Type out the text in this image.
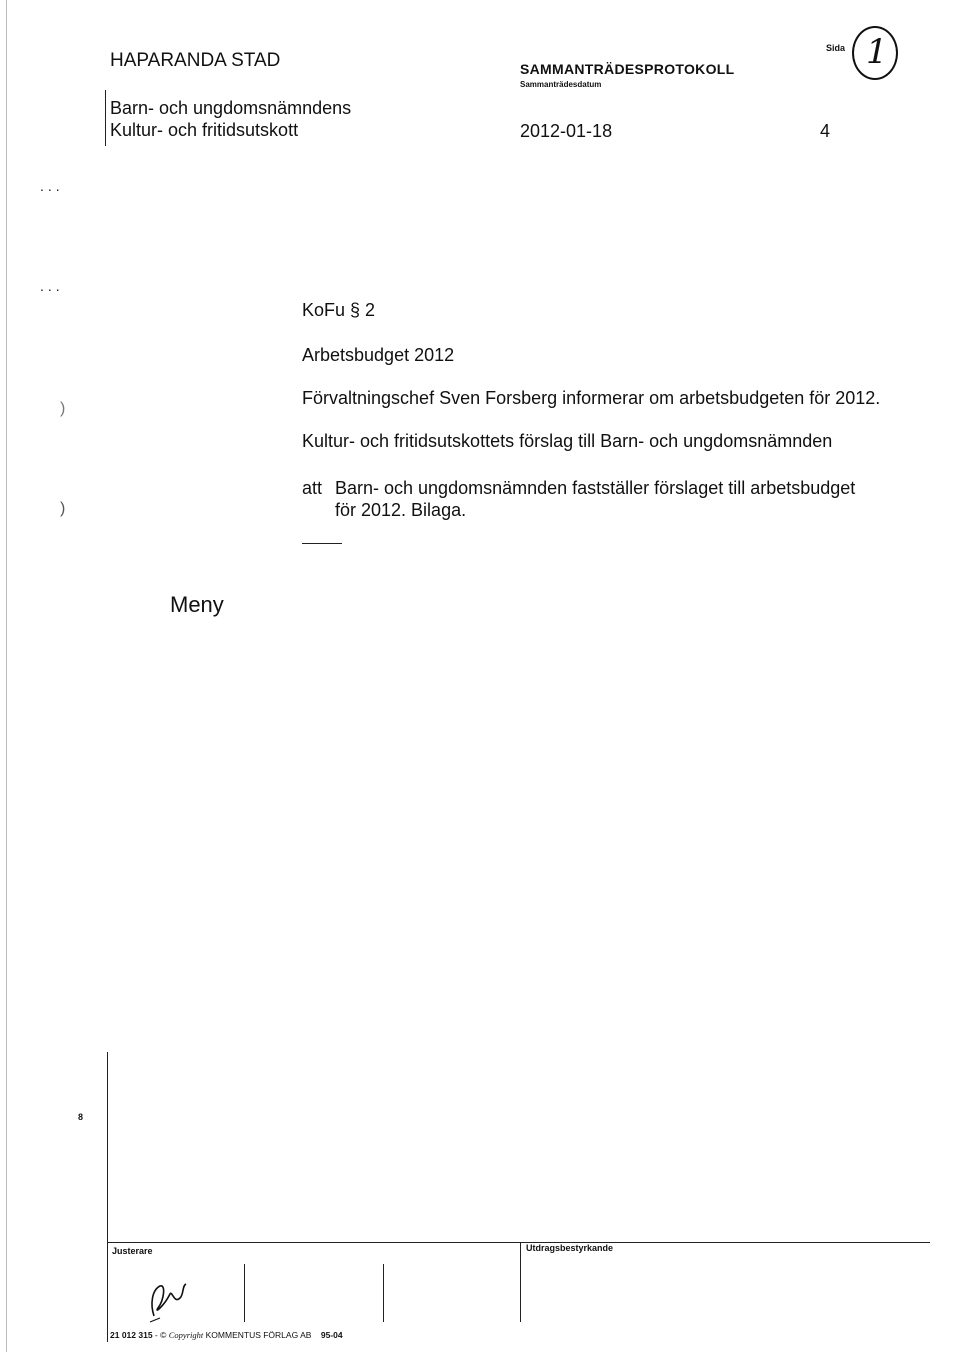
HAPARANDA STAD
Barn- och ungdomsnämndens
Kultur- och fritidsutskott
SAMMANTRÄDESPROTOKOLL
Sammanträdesdatum
2012-01-18
Sida
4
1
...
...
)
)
8
KoFu § 2
Arbetsbudget 2012
Förvaltningschef Sven Forsberg informerar om arbetsbudgeten för 2012.
Kultur- och fritidsutskottets förslag till Barn- och ungdomsnämnden
att Barn- och ungdomsnämnden fastställer förslaget till arbetsbudget
för 2012. Bilaga.
Meny
Justerare	Utdragsbestyrkande
21 012 315 - © Copyright KOMMENTUS FÖRLAG AB 95-04
